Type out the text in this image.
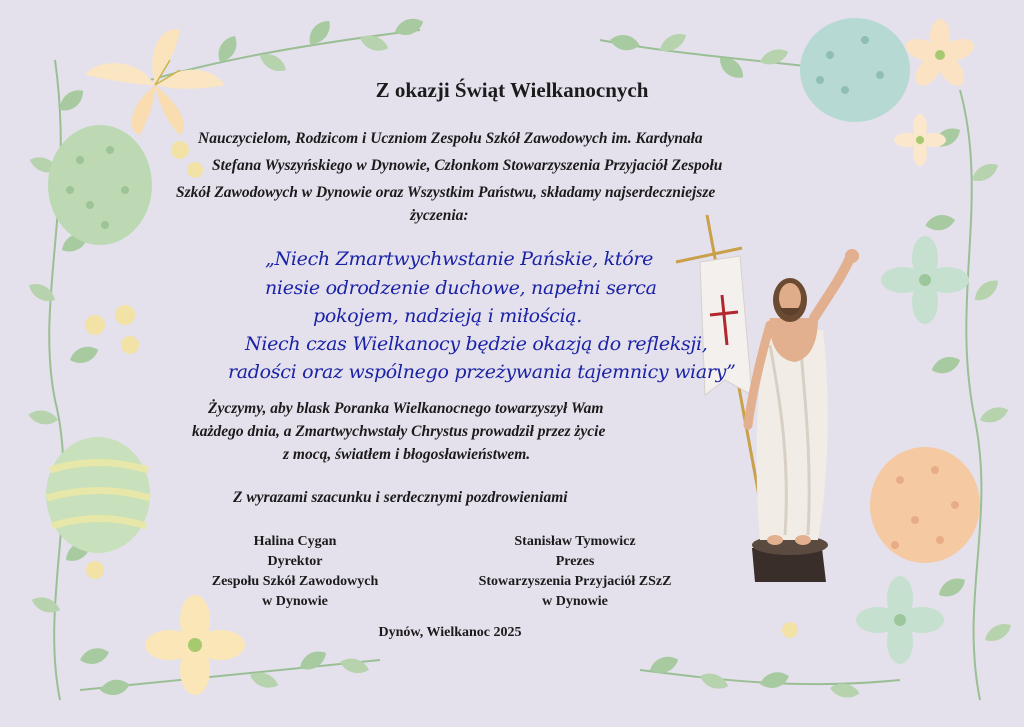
Z okazji Świąt Wielkanocnych
Nauczycielom, Rodzicom i Uczniom Zespołu Szkół Zawodowych im. Kardynała
Stefana Wyszyńskiego w Dynowie, Członkom Stowarzyszenia Przyjaciół Zespołu
Szkół Zawodowych w Dynowie oraz Wszystkim Państwu, składamy najserdeczniejsze
życzenia:
„Niech Zmartwychwstanie Pańskie, które
niesie odrodzenie duchowe, napełni serca
pokojem, nadzieją i miłością.
Niech czas Wielkanocy będzie okazją do refleksji,
radości oraz wspólnego przeżywania tajemnicy wiary”
Życzymy, aby blask Poranka Wielkanocnego towarzyszył Wam
każdego dnia, a Zmartwychwstały Chrystus prowadził przez życie
z mocą, światłem i błogosławieństwem.
Z wyrazami szacunku i serdecznymi pozdrowieniami
Halina Cygan
Dyrektor
Zespołu Szkół Zawodowych
w Dynowie
Stanisław Tymowicz
Prezes
Stowarzyszenia Przyjaciół ZSzZ
w Dynowie
Dynów, Wielkanoc 2025
